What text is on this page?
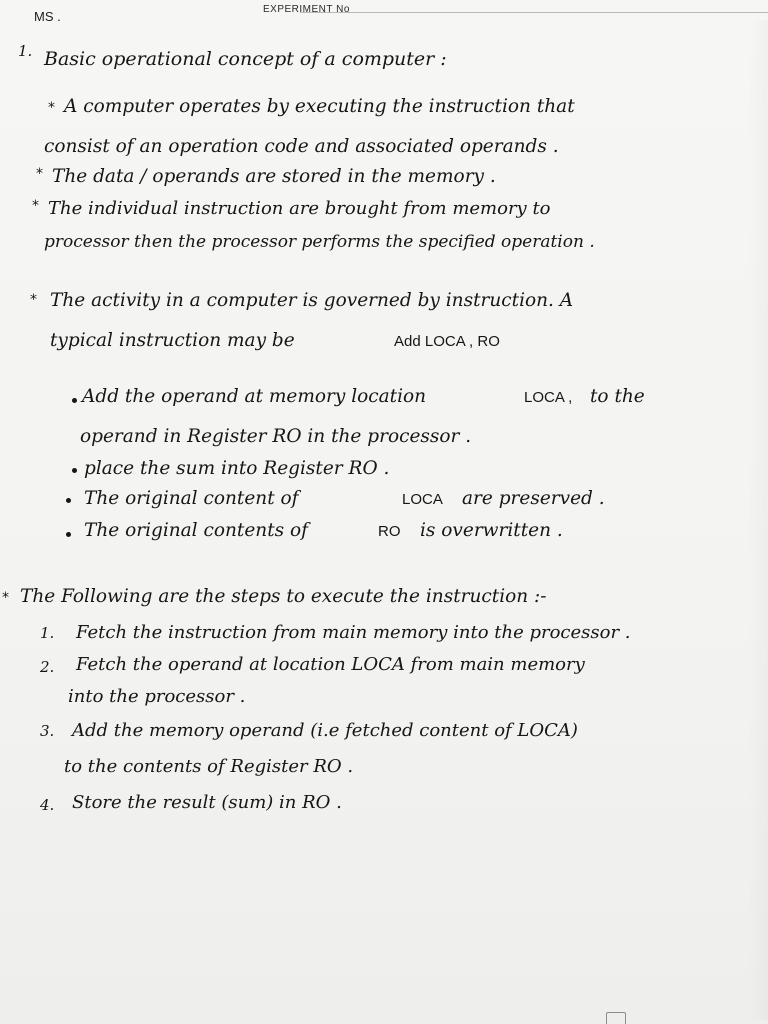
EXPERIMENT No
MS .
1. Basic operational concept of a computer :
* A computer operates by executing the instruction that
consist of an operation code and associated operands .
* The data / operands are stored in the memory .
* The individual instruction are brought from memory to
processor then the processor performs the specified operation .
* The activity in a computer is governed by instruction. A
typical instruction may be	Add LOCA , RO
Add the operand at memory location	LOCA , to the
operand in Register RO in the processor .
place the sum into Register RO .
The original content of	LOCA are preserved .
The original contents of	RO is overwritten .
* The Following are the steps to execute the instruction :-
1. Fetch the instruction from main memory into the processor .
2. Fetch the operand at location LOCA from main memory
into the processor .
3. Add the memory operand (i.e fetched content of LOCA)
to the contents of Register RO .
4. Store the result (sum) in RO .
